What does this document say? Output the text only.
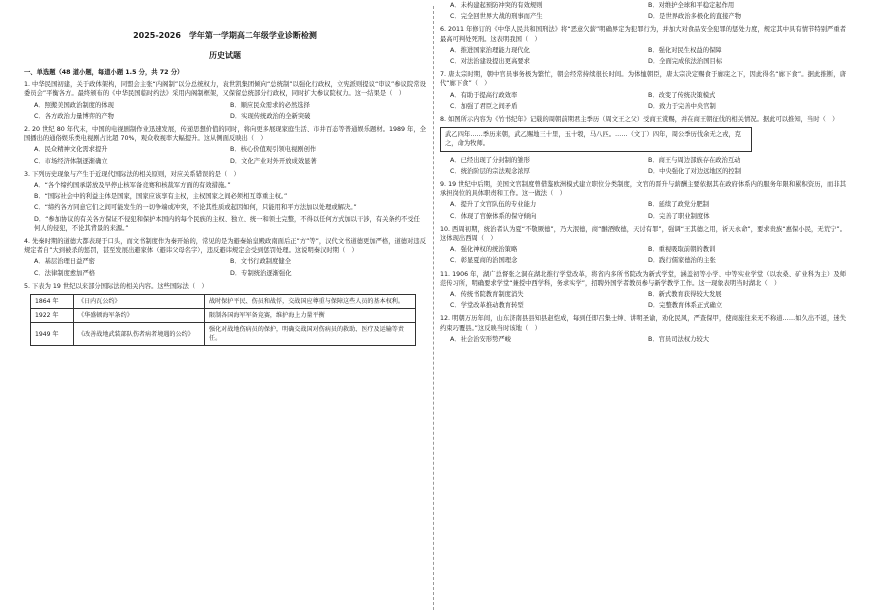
2025-2026　学年第一学期高二年级学业诊断检测
历史试题
一、单选题（48 道小题，每道小题 1.5 分，共 72 分）
1. 中华民国初建，关于政体架构，同盟会主张“内阁制”以分总统权力，袁世凯集团倾向“总统制”以强化行政权，立宪派则提议“审议”参议院常设委员会”平衡各方。最终颁布的《中华民国临时约法》采用内阁制框架，又保留总统部分行政权，同时扩大参议院权力。这一结果是（　）
A．照搬美国政治制度的体现	B．顺应民众需求的必然选择
C．各方政治力量博弈的产物	D．实现传统政治的全新突破
2. 20 世纪 80 年代末，中国的电视剧制作业迅速发展，传递思想价值的同时，将向更多展现家庭生活、市井百态等普通娱乐题材。1989 年，全国播出的通俗娱乐类电视剧占比超 70%，观众收视率大幅提升。这从侧面反映出（　）
A．民众精神文化需求提升	B．核心价值观引领电视剧创作
C．市场经济体制逐渐确立	D．文化产业对外开放成效显著
3. 下列历史现象与产生于近现代国际法的相关原则，对应关系错误的是（　）
A．“各个缔约国承诺放及早停止核军备竞赛和核裁军方面的有效措施。”
B．“国际社会中的利益主体是国家，国家应该享有主权，主权国家之间必须相互尊重主权。”
C．“缔约各方同意它们之间可能发生的一切争端或冲突，不论其性质或起因如何，只能用和平方法加以处理或解决。”
D．“参加协议的有关各方保证不侵犯和保护本国内的每个民族的主权、独立、统一和领土完整，不得以任何方式加以干涉，有关条约不受任何人的侵犯，不论其背景的来源。”
4. 先秦时期的道德大都表现于口头，而文书制度作为秦开始的，常见的是为避秦始皇殿政南面后正”方”等”，汉代文书道德更加严格，道德对违反规定者自”大到被杀的惩罚，甚至发展出避家体（避讳父母名字），违反避讳规定会受到惩罚处理。这说明秦汉时期（　）
A．基层治理日益严密	B．文书行政制度健全
C．法律制度愈加严格	D．专制统治逐渐强化
5. 下表为 19 世纪以来部分国际法的相关内容。这些国际法（　）
1864 年	《日内瓦公约》	战时保护平民、伤员和战俘，交战国应尊重与保障这些人员的基本权利。
1922 年	《华盛顿海军条约》	限制各国海军军备竞赛，维护海上力量平衡
1949 年	《改善战地武装部队伤者病者境遇的公约》	强化对战地伤病员的保护，明确交战国对伤病员的救助、医疗及运输等责任。
A．未构建起预防冲突的有效规则	B．对维护全球和平稳定起作用
C．完全回世界大战的刑事而产生	D．是世界政治多极化的直接产物
6. 2011 年修订的《中华人民共和国刑法》将“恶意欠薪”明确界定为犯罪行为，并加大对食品安全犯罪的惩处力度，规定其中具有情节特别严重者最高可判处死刑。这表明我国（　）
A．推进国家治理能力现代化	B．强化对民生权益的保障
C．对法治建设提出更高要求	D．全面完成依法治国目标
7. 唐太宗时期，朝中官员事务极为繁忙，朝会经常持续很长时间。为体恤朝臣，唐太宗决定赐食于廊庑之下，因此得名“廊下食”。据此推断，唐代“廊下食”（　）
A．有助于提高行政效率	B．改变了传统决策模式
C．加强了君臣之间矛盾	D．致力于完善中央官制
8. 如图所示内容为《竹书纪年》记载的周朝前期君主季历（周文王之父）受商王赏赐，并在商王朝征伐的相关情况。据此可以推知，当时（　）
武乙四年……季历来朝，武乙赐地三十里，玉十彀，马八匹。……（文丁）四年，周公季历伐余无之戎，克之，命为牧师。
A．已经出现了分封制的雏形	B．商王与周边部族存在政治互动
C．统治阶层的宗法观念浓厚	D．中央强化了对边远地区的控制
9. 19 世纪中后期，美国文官制度曾借鉴欧洲模式建立职位分类制度，文官的晋升与薪酬主要依据其在政府体系内的服务年限和累积资历，而非其承担岗位的具体职责和工作。这一做法（　）
A．提升了文官队伍的专业能力	B．延续了政党分肥制
C．体现了官僚体系的保守倾向	D．完善了职业制度体
10. 西周初期，统治者认为夏“不敬厥德”，乃大泯德，商“酗酒败德，天讨有罪”，强调“王其德之用，祈天永命”，要求贵族“惠保小民，无荒宁”。这体现出西周（　）
A．强化神权的统治策略	B．重视吸取前朝的教训
C．彰显夏商的治国理念	D．践行儒家德治的主张
11. 1906 年，湖广总督张之洞在湖北推行学堂改革，将省内多所书院改为新式学堂，涵盖初等小学、中等实业学堂（以农桑、矿业科为主）及师范传习所，明确要求学堂“兼授中西学科，务求实学”，招聘外国学者教员参与新学教学工作。这一现象表明当时湖北（　）
A．传统书院教育制度消失	B．新式教育获得较大发展
C．学堂改革推动教育转型	D．完整教育体系正式确立
12. 明朝万历年间，山东济南县县知县赵恺成，每到任即召集士绅、讲明圣谕，劝化民风，严查保甲，使商旅往来无不称道……如久出不返，迷失约束巧覆县。”这反映当时该地（　）
A．社会治安形势严峻	B．官员司法权力较大
